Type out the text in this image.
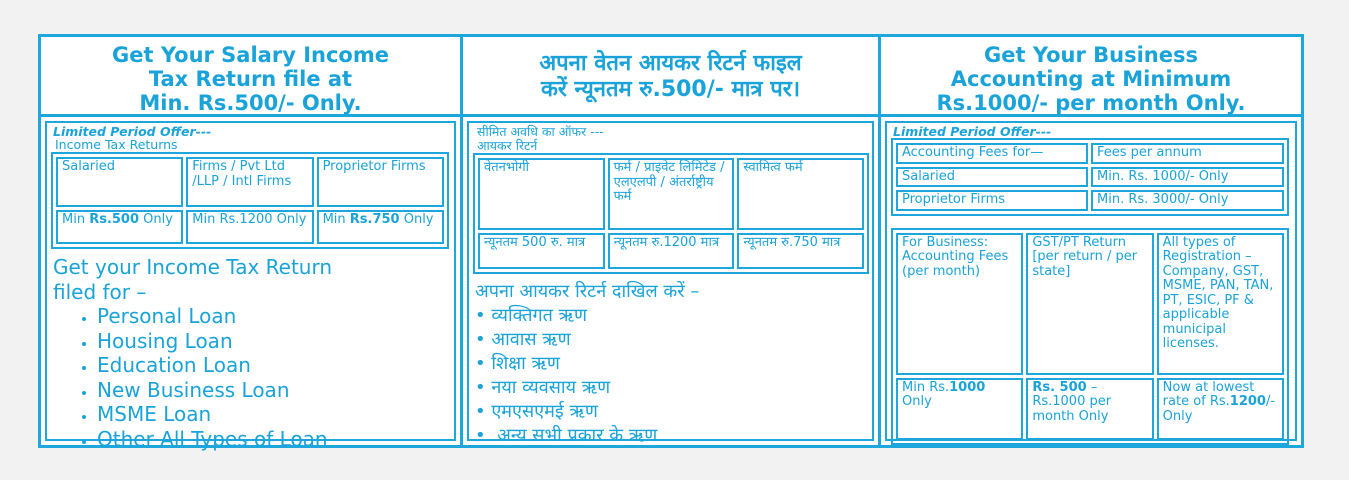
Get Your Salary Income

Tax Return file at

Min. Rs.500/- Only.

Limited Period Offer---
Income Tax Returns
Salaried	Firms / Pvt Ltd /LLP / Intl Firms	Proprietor Firms
Min Rs.500 Only	Min Rs.1200 Only	Min Rs.750 Only
Get your Income Tax Return
filed for –
• Personal Loan
• Housing Loan
• Education Loan
• New Business Loan
• MSME Loan
• Other All Types of Loan

अपना वेतन आयकर रिटर्न फाइल

करें न्यूनतम रु.500/- मात्र पर।

सीमित अवधि का ऑफर ---
आयकर रिटर्न
वेतनभोगी	फर्म / प्राइवेट लिमिटेड / एलएलपी / अंतर्राष्ट्रीय फर्म	स्वामित्व फर्म
न्यूनतम 500 रु. मात्र	न्यूनतम रु.1200 मात्र	न्यूनतम रु.750 मात्र
अपना आयकर रिटर्न दाखिल करें –
• व्यक्तिगत ऋण
• आवास ऋण
• शिक्षा ऋण
• नया व्यवसाय ऋण
• एमएसएमई ऋण
•  अन्य सभी प्रकार के ऋण

Get Your Business

Accounting at Minimum

Rs.1000/- per month Only.

Limited Period Offer---
Accounting Fees for—	Fees per annum
Salaried	Min. Rs. 1000/- Only
Proprietor Firms	Min. Rs. 3000/- Only
For Business: Accounting Fees (per month)	GST/PT Return [per return / per state]	All types of Registration – Company, GST, MSME, PAN, TAN, PT, ESIC, PF & applicable municipal licenses.
Min Rs.1000 Only	Rs. 500 – Rs.1000 per month Only	Now at lowest rate of Rs.1200/- Only
